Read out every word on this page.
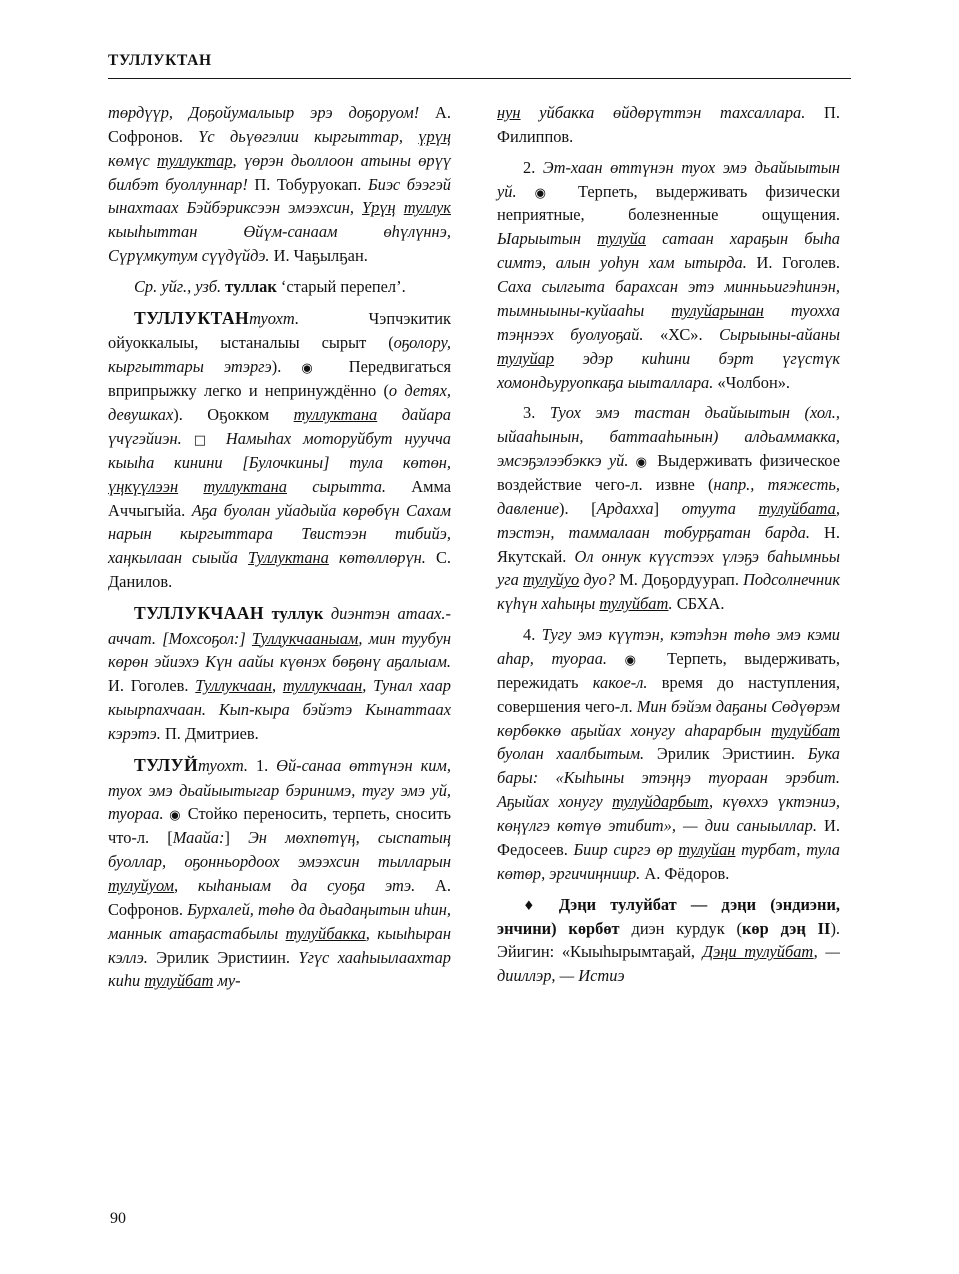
ТУЛЛУКТАН

төрдүүр, Доҕойумалыыр эрэ доҕоруом! А. Софронов. Үс дьүөгэлии кыргыттар, үрүң көмүс туллуктар, үөрэн дьоллоон атыны өрүү билбэт буоллуннар! П. Тобуруокап. Биэс бээгэй ынахтаах Бэйбэриксээн эмээхсин, Үрүң туллук кыыһыттан Өйүм-санаам өһүлүннэ, Сүрүмкутум сүүдүйдэ. И. Чаҕылҕан.

Ср. уйг., узб. туллак ‘старый перепел’.

ТУЛЛУКТАНтуохт. Чэпчэкитик ойуоккалыы, ыстаналыы сырыт (оҕолору, кыргыттары этэргэ). ◉ Передвигаться вприпрыжку легко и непринуждённо (о детях, девушках). Оҕокком туллуктана дайара үчүгэйиэн. □ Намыһах моторуйбут нуучча кыыһа кинини [Булочкины] тула көтөн, үңкүүлээн туллуктана сырытта. Амма Аччыгыйа. Аҕа буолан уйадыйа көрөбүн Сахам нарын кыргыттара Твистээн тибийэ, хаңкылаан сыыйа Туллуктана көтөллөрүн. С. Данилов.

ТУЛЛУКЧААН туллук диэнтэн атаах.-аччат. [Мохсоҕол:] Туллукчааныам, мин туубун көрөн эйиэхэ Күн аайы күөнэх бөҕөнү аҕалыам. И. Гоголев. Туллукчаан, туллукчаан, Тунал хаар кыырпахчаан. Кып-кыра бэйэтэ Кынаттаах кэрэтэ. П. Дмитриев.

ТУЛУЙтуохт. 1. Өй-санаа өттүнэн ким, туох эмэ дьайыытыгар бэринимэ, тугу эмэ уй, туораа. ◉ Стойко переносить, терпеть, сносить что-л. [Маайа:] Эн мөхпөтүң, сыспатың буоллар, оҕонньордоох эмээхсин тылларын тулуйуом, кыһаныам да суоҕа этэ. А. Софронов. Бурхалей, төһө да дьадаңытын иһин, маннык атаҕастабылы тулуйбакка, кыыһыран кэллэ. Эрилик Эристиин. Үгүс хааһыылаахтар киһи тулуйбат му-

нун уйбакка өйдөрүттэн тахсаллара. П. Филиппов.

2. Эт-хаан өттүнэн туох эмэ дьайыытын уй. ◉ Терпеть, выдерживать физически неприятные, болезненные ощущения. Ыарыытын тулуйа сатаан хараҕын быһа симтэ, алын уоһун хам ытырда. И. Гоголев. Саха сылгыта барахсан этэ миннььигэһинэн, тымныыны-куйааһы тулуйарынан туохха тэңнээх буолуоҕай. «ХС». Сырыыны-айаны тулуйар эдэр киһини бэрт үгүстүк хомондьуруопкаҕа ыыталлара. «Чолбон».

3. Туох эмэ тастан дьайыытын (хол., ыйааһынын, баттааһынын) алдьаммакка, эмсэҕэлээбэккэ уй. ◉ Выдерживать физическое воздействие чего-л. извне (напр., тяжесть, давление). [Ардахха] отуута тулуйбата, тэстэн, таммалаан тобурҕатан барда. Н. Якутскай. Ол оннук күүстээх үлэҕэ баһымньы уга тулуйуо дуо? М. Доҕордуурап. Подсолнечник күһүн хаһыңы тулуйбат. СБХА.

4. Тугу эмэ күүтэн, кэтэһэн төһө эмэ кэми аһар, туораа. ◉ Терпеть, выдерживать, пережидать какое-л. время до наступления, совершения чего-л. Мин бэйэм даҕаны Сөдүөрэм көрбөккө аҕыйах хонугу аһарарбын тулуйбат буолан хаалбытым. Эрилик Эристиин. Бука бары: «Кыһыны этэңңэ туораан эрэбит. Аҕыйах хонугу тулуйдарбыт, күөххэ үктэниэ, көңүлгэ көтүө этибит», — дии саныыллар. И. Федосеев. Биир сиргэ өр тулуйан турбат, тула көтөр, эргичиңниир. А. Фёдоров.

♦ Дэңи тулуйбат — дэңи (эндиэни, энчини) көрбөт диэн курдук (көр дэң II). Эйигин: «Кыыһырымтаҕай, Дэңи тулуйбат, — дииллэр, — Истиэ

90
